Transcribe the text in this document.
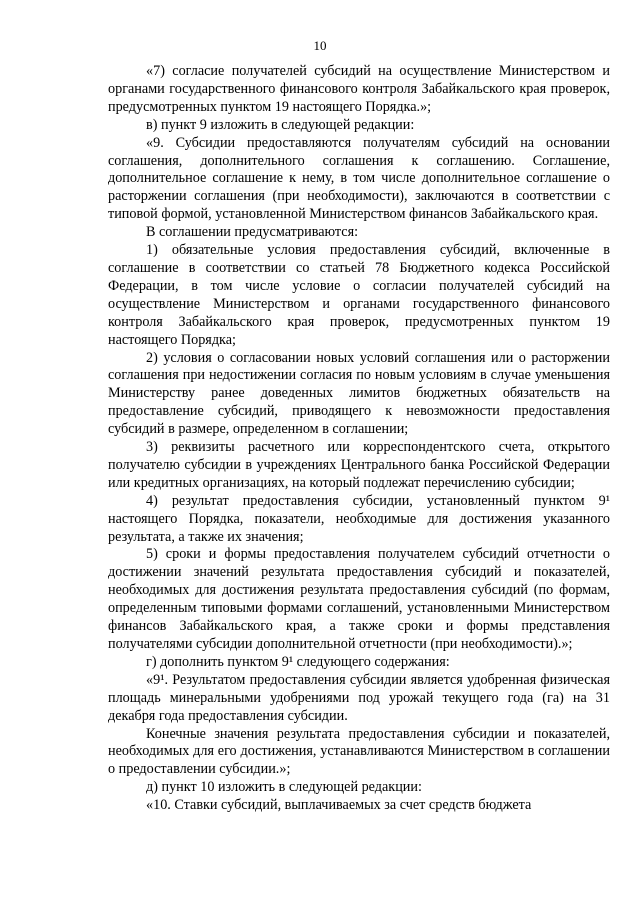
10

«7) согласие получателей субсидий на осуществление Министерством и органами государственного финансового контроля Забайкальского края проверок, предусмотренных пунктом 19 настоящего Порядка.»;

в) пункт 9 изложить в следующей редакции:

«9. Субсидии предоставляются получателям субсидий на основании соглашения, дополнительного соглашения к соглашению. Соглашение, дополнительное соглашение к нему, в том числе дополнительное соглашение о расторжении соглашения (при необходимости), заключаются в соответствии с типовой формой, установленной Министерством финансов Забайкальского края.

В соглашении предусматриваются:

1) обязательные условия предоставления субсидий, включенные в соглашение в соответствии со статьей 78 Бюджетного кодекса Российской Федерации, в том числе условие о согласии получателей субсидий на осуществление Министерством и органами государственного финансового контроля Забайкальского края проверок, предусмотренных пунктом 19 настоящего Порядка;

2) условия о согласовании новых условий соглашения или о расторжении соглашения при недостижении согласия по новым условиям в случае уменьшения Министерству ранее доведенных лимитов бюджетных обязательств на предоставление субсидий, приводящего к невозможности предоставления субсидий в размере, определенном в соглашении;

3) реквизиты расчетного или корреспондентского счета, открытого получателю субсидии в учреждениях Центрального банка Российской Федерации или кредитных организациях, на который подлежат перечислению субсидии;

4) результат предоставления субсидии, установленный пунктом 9¹ настоящего Порядка, показатели, необходимые для достижения указанного результата, а также их значения;

5) сроки и формы предоставления получателем субсидий отчетности о достижении значений результата предоставления субсидий и показателей, необходимых для достижения результата предоставления субсидий (по формам, определенным типовыми формами соглашений, установленными Министерством финансов Забайкальского края, а также сроки и формы представления получателями субсидии дополнительной отчетности (при необходимости).»;

г) дополнить пунктом 9¹ следующего содержания:

«9¹. Результатом предоставления субсидии является удобренная физическая площадь минеральными удобрениями под урожай текущего года (га) на 31 декабря года предоставления субсидии.

Конечные значения результата предоставления субсидии и показателей, необходимых для его достижения, устанавливаются Министерством в соглашении о предоставлении субсидии.»;

д) пункт 10 изложить в следующей редакции:

«10. Ставки субсидий, выплачиваемых за счет средств бюджета
